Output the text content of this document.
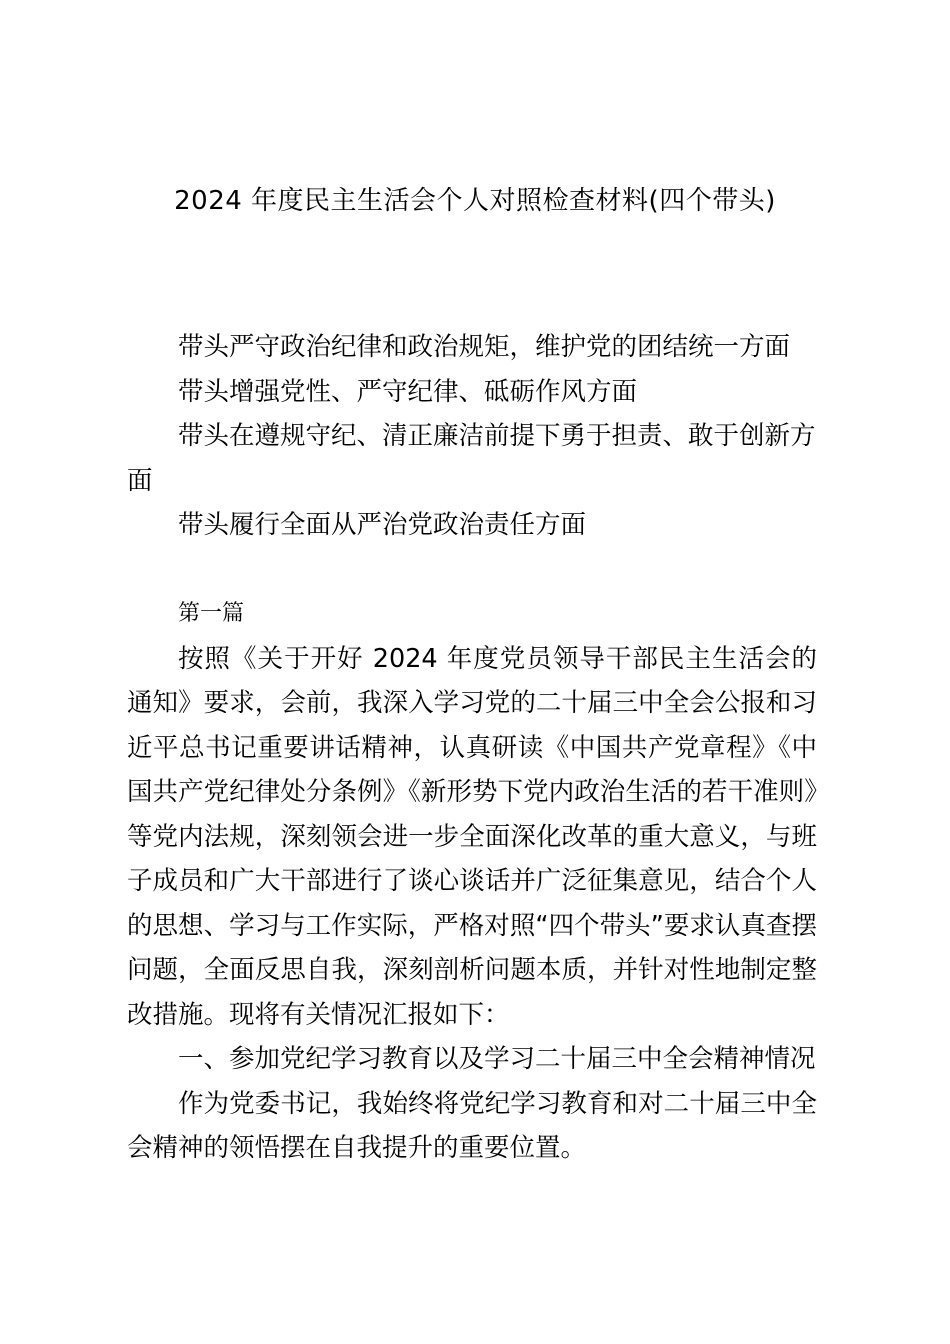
2024 年度民主生活会个人对照检查材料(四个带头)

带头严守政治纪律和政治规矩，维护党的团结统一方面

带头增强党性、严守纪律、砥砺作风方面

带头在遵规守纪、清正廉洁前提下勇于担责、敢于创新方面

带头履行全面从严治党政治责任方面

第一篇

按照《关于开好 2024 年度党员领导干部民主生活会的通知》要求，会前，我深入学习党的二十届三中全会公报和习近平总书记重要讲话精神，认真研读《中国共产党章程》《中国共产党纪律处分条例》《新形势下党内政治生活的若干准则》等党内法规，深刻领会进一步全面深化改革的重大意义，与班子成员和广大干部进行了谈心谈话并广泛征集意见，结合个人的思想、学习与工作实际，严格对照“四个带头”要求认真查摆问题，全面反思自我，深刻剖析问题本质，并针对性地制定整改措施。现将有关情况汇报如下：

一、参加党纪学习教育以及学习二十届三中全会精神情况

作为党委书记，我始终将党纪学习教育和对二十届三中全会精神的领悟摆在自我提升的重要位置。
